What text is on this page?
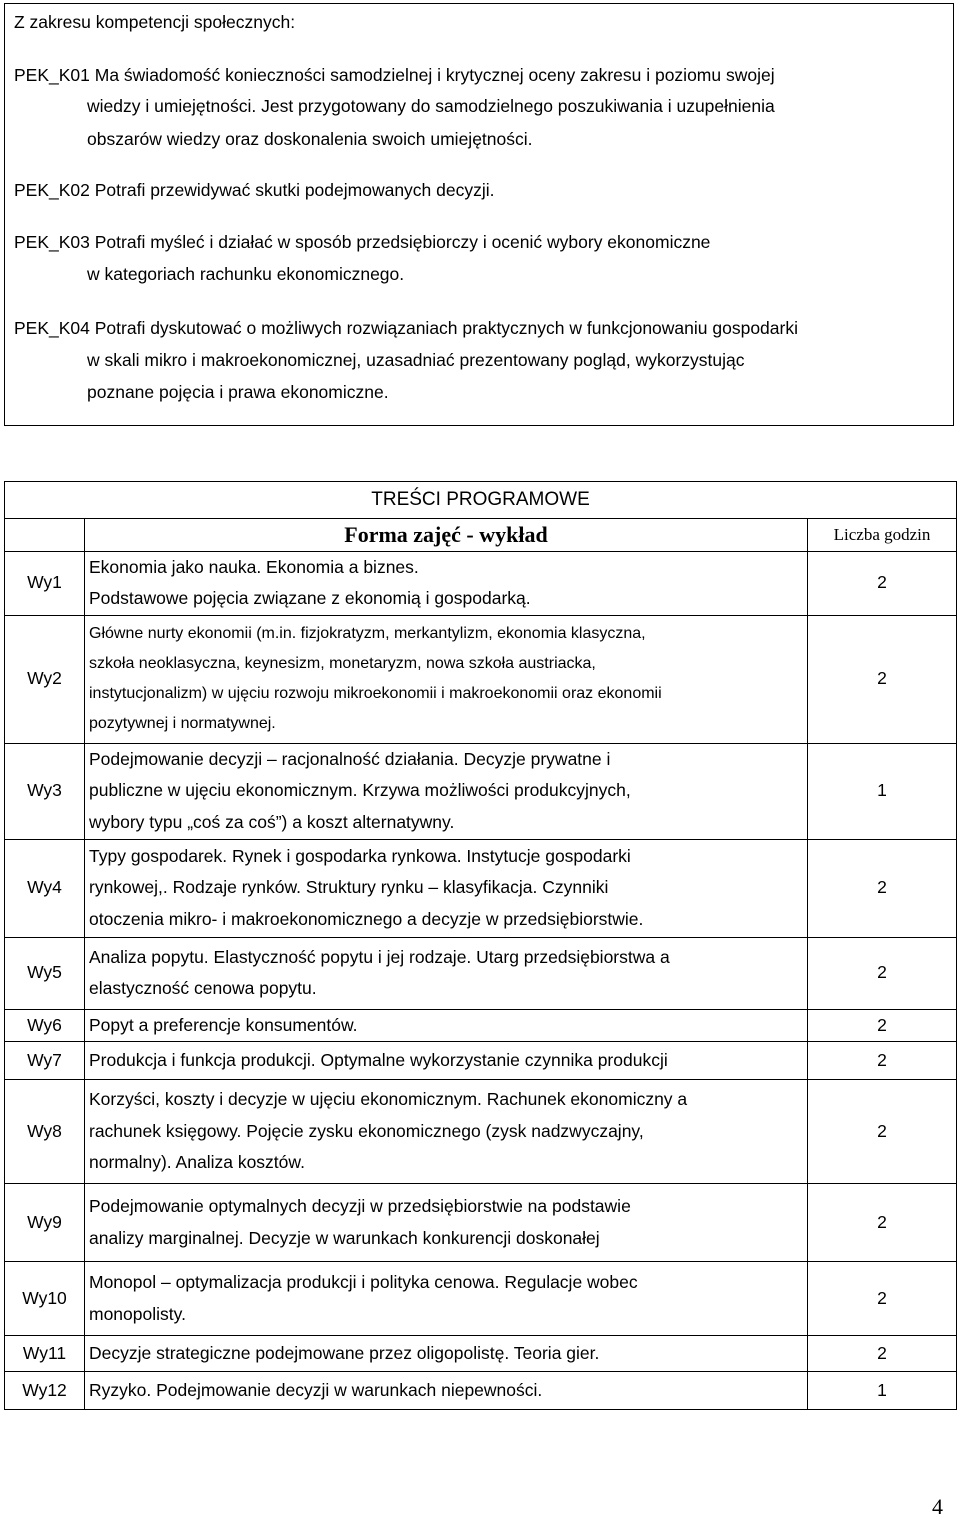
Z zakresu kompetencji społecznych:
PEK_K01 Ma świadomość konieczności samodzielnej i krytycznej oceny zakresu i poziomu swojej
wiedzy i umiejętności. Jest przygotowany do samodzielnego poszukiwania i uzupełnienia
obszarów wiedzy oraz doskonalenia swoich umiejętności.
PEK_K02 Potrafi przewidywać skutki podejmowanych decyzji.
PEK_K03 Potrafi myśleć i działać w sposób przedsiębiorczy i ocenić wybory ekonomiczne
w kategoriach rachunku ekonomicznego.
PEK_K04 Potrafi dyskutować o możliwych rozwiązaniach praktycznych w funkcjonowaniu gospodarki
w skali mikro i makroekonomicznej, uzasadniać prezentowany pogląd, wykorzystując
poznane pojęcia i prawa ekonomiczne.
TREŚCI PROGRAMOWE		

	Forma zajęć - wykład	Liczba godzin
Wy1	Ekonomia jako nauka. Ekonomia a biznes.
Podstawowe pojęcia związane z ekonomią i gospodarką.	2
Wy2	Główne nurty ekonomii (m.in. fizjokratyzm, merkantylizm, ekonomia klasyczna,
szkoła neoklasyczna, keynesizm, monetaryzm, nowa szkoła austriacka,
instytucjonalizm) w ujęciu rozwoju mikroekonomii i makroekonomii oraz ekonomii
pozytywnej i normatywnej.	2
Wy3	Podejmowanie decyzji – racjonalność działania. Decyzje prywatne i
publiczne w ujęciu ekonomicznym. Krzywa możliwości produkcyjnych,
wybory typu „coś za coś”) a koszt alternatywny.	1
Wy4	Typy gospodarek. Rynek i gospodarka rynkowa. Instytucje gospodarki
rynkowej,. Rodzaje rynków. Struktury rynku – klasyfikacja. Czynniki
otoczenia mikro- i makroekonomicznego a decyzje w przedsiębiorstwie.	2
Wy5	Analiza popytu. Elastyczność popytu i jej rodzaje. Utarg przedsiębiorstwa a
elastyczność cenowa popytu.	2
Wy6	Popyt a preferencje konsumentów.	2
Wy7	Produkcja i funkcja produkcji. Optymalne wykorzystanie czynnika produkcji	2
Wy8	Korzyści, koszty i decyzje w ujęciu ekonomicznym. Rachunek ekonomiczny a
rachunek księgowy. Pojęcie zysku ekonomicznego (zysk nadzwyczajny,
normalny). Analiza kosztów.	2
Wy9	Podejmowanie optymalnych decyzji w przedsiębiorstwie na podstawie
analizy marginalnej. Decyzje w warunkach konkurencji doskonałej	2
Wy10	Monopol – optymalizacja produkcji i polityka cenowa. Regulacje wobec
monopolisty.	2
Wy11	Decyzje strategiczne podejmowane przez oligopolistę. Teoria gier.	2
Wy12	Ryzyko. Podejmowanie decyzji w warunkach niepewności.	1
4
